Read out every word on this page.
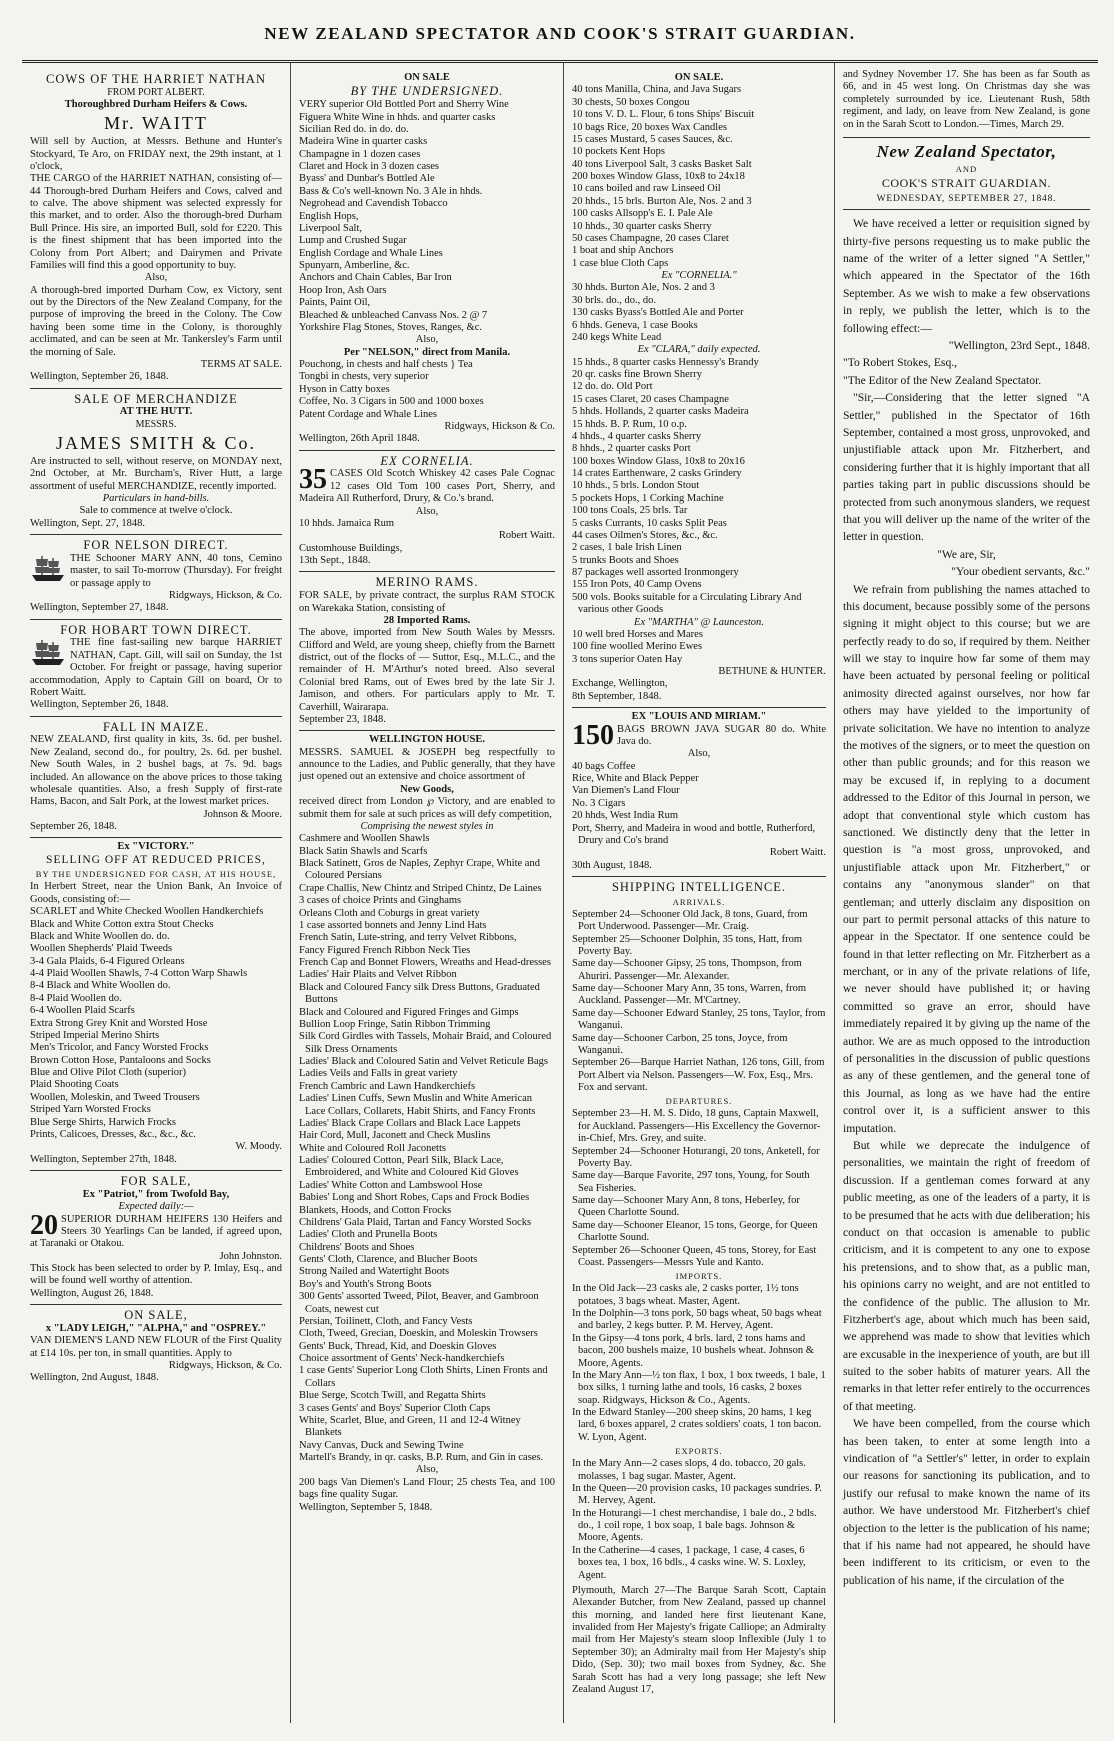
NEW ZEALAND SPECTATOR AND COOK'S STRAIT GUARDIAN.
COWS OF THE HARRIET NATHAN
FROM PORT ALBERT.
Thoroughbred Durham Heifers & Cows.
Mr. WAITT
Will sell by Auction, at Messrs. Bethune and Hunter's Stockyard, Te Aro, on FRIDAY next, the 29th instant, at 1 o'clock,
THE CARGO of the HARRIET NATHAN, consisting of— 44 Thorough-bred Durham Heifers and Cows, calved and to calve. The above shipment was selected expressly for this market, and to order. Also the thorough-bred Durham Bull Prince. His sire, an imported Bull, sold for £220. This is the finest shipment that has been imported into the Colony from Port Albert; and Dairymen and Private Families will find this a good opportunity to buy.
Also,
A thorough-bred imported Durham Cow, ex Victory, sent out by the Directors of the New Zealand Company, for the purpose of improving the breed in the Colony. The Cow having been some time in the Colony, is thoroughly acclimated, and can be seen at Mr. Tankersley's Farm until the morning of Sale.
TERMS AT SALE.
Wellington, September 26, 1848.
SALE OF MERCHANDIZE
AT THE HUTT.
MESSRS.
JAMES SMITH & Co.
Are instructed to sell, without reserve, on MONDAY next, 2nd October, at Mr. Burcham's, River Hutt, a large assortment of useful MERCHANDIZE, recently imported.
Particulars in hand-bills.
Sale to commence at twelve o'clock.
Wellington, Sept. 27, 1848.
FOR NELSON DIRECT.
THE Schooner MARY ANN, 40 tons, Cemino master, to sail To-morrow (Thursday). For freight or passage apply to
Ridgways, Hickson, & Co.
Wellington, September 27, 1848.
FOR HOBART TOWN DIRECT.
THE fine fast-sailing new barque HARRIET NATHAN, Capt. Gill, will sail on Sunday, the 1st October. For freight or passage, having superior accommodation, Apply to Captain Gill on board, Or to Robert Waitt.
Wellington, September 26, 1848.
FALL IN MAIZE.
NEW ZEALAND, first quality in kits, 3s. 6d. per bushel. New Zealand, second do., for poultry, 2s. 6d. per bushel. New South Wales, in 2 bushel bags, at 7s. 9d. bags included. An allowance on the above prices to those taking wholesale quantities. Also, a fresh Supply of first-rate Hams, Bacon, and Salt Pork, at the lowest market prices.
Johnson & Moore.
September 26, 1848.
Ex "VICTORY."
SELLING OFF AT REDUCED PRICES,
BY THE UNDERSIGNED FOR CASH, AT HIS HOUSE,
In Herbert Street, near the Union Bank, An Invoice of Goods, consisting of:—
SCARLET and White Checked Woollen Handkerchiefs
Black and White Cotton extra Stout Checks
Black and White Woollen do. do.
Woollen Shepherds' Plaid Tweeds
3-4 Gala Plaids, 6-4 Figured Orleans
4-4 Plaid Woollen Shawls, 7-4 Cotton Warp Shawls
8-4 Black and White Woollen do.
8-4 Plaid Woollen do.
6-4 Woollen Plaid Scarfs
Extra Strong Grey Knit and Worsted Hose
Striped Imperial Merino Shirts
Men's Tricolor, and Fancy Worsted Frocks
Brown Cotton Hose, Pantaloons and Socks
Blue and Olive Pilot Cloth (superior)
Plaid Shooting Coats
Woollen, Moleskin, and Tweed Trousers
Striped Yarn Worsted Frocks
Blue Serge Shirts, Harwich Frocks
Prints, Calicoes, Dresses, &c., &c., &c.
W. Moody.
Wellington, September 27th, 1848.
FOR SALE,
Ex "Patriot," from Twofold Bay,
Expected daily:—
20 SUPERIOR DURHAM HEIFERS 130 Heifers and Steers 30 Yearlings Can be landed, if agreed upon, at Taranaki or Otakou.
John Johnston.
This Stock has been selected to order by P. Imlay, Esq., and will be found well worthy of attention.
Wellington, August 26, 1848.
ON SALE,
x "LADY LEIGH," "ALPHA," and "OSPREY."
VAN DIEMEN'S LAND NEW FLOUR of the First Quality at £14 10s. per ton, in small quantities. Apply to
Ridgways, Hickson, & Co.
Wellington, 2nd August, 1848.
ON SALE
BY THE UNDERSIGNED.
VERY superior Old Bottled Port and Sherry Wine
Figuera White Wine in hhds. and quarter casks
Sicilian Red do. in do. do.
Madeira Wine in quarter casks
Champagne in 1 dozen cases
Claret and Hock in 3 dozen cases
Byass' and Dunbar's Bottled Ale
Bass & Co's well-known No. 3 Ale in hhds.
Negrohead and Cavendish Tobacco
English Hops,
Liverpool Salt,
Lump and Crushed Sugar
English Cordage and Whale Lines
Spunyarn, Amberline, &c.
Anchors and Chain Cables, Bar Iron
Hoop Iron, Ash Oars
Paints, Paint Oil,
Bleached & unbleached Canvass Nos. 2 @ 7
Yorkshire Flag Stones, Stoves, Ranges, &c.
Also,
Per "NELSON," direct from Manila.
Pouchong, in chests and half chests } Tea
Tongbi in chests, very superior
Hyson in Catty boxes
Coffee, No. 3 Cigars in 500 and 1000 boxes
Patent Cordage and Whale Lines
Ridgways, Hickson & Co.
Wellington, 26th April 1848.
EX CORNELIA.
35 CASES Old Scotch Whiskey 42 cases Pale Cognac 12 cases Old Tom 100 cases Port, Sherry, and Madeira All Rutherford, Drury, & Co.'s brand.
Also,
10 hhds. Jamaica Rum
Robert Waitt.
Customhouse Buildings,
13th Sept., 1848.
MERINO RAMS.
FOR SALE, by private contract, the surplus RAM STOCK on Warekaka Station, consisting of
28 Imported Rams.
The above, imported from New South Wales by Messrs. Clifford and Weld, are young sheep, chiefly from the Barnett district, out of the flocks of — Suttor, Esq., M.L.C., and the remainder of H. M'Arthur's noted breed. Also several Colonial bred Rams, out of Ewes bred by the late Sir J. Jamison, and others. For particulars apply to Mr. T. Caverhill, Wairarapa.
September 23, 1848.
WELLINGTON HOUSE.
MESSRS. SAMUEL & JOSEPH beg respectfully to announce to the Ladies, and Public generally, that they have just opened out an extensive and choice assortment of
New Goods,
received direct from London ℘ Victory, and are enabled to submit them for sale at such prices as will defy competition,
Comprising the newest styles in
Cashmere and Woollen Shawls
Black Satin Shawls and Scarfs
Black Satinett, Gros de Naples, Zephyr Crape, White and Coloured Persians
Crape Challis, New Chintz and Striped Chintz, De Laines
3 cases of choice Prints and Ginghams
Orleans Cloth and Coburgs in great variety
1 case assorted bonnets and Jenny Lind Hats
French Satin, Lute-string, and terry Velvet Ribbons,
Fancy Figured French Ribbon Neck Ties
French Cap and Bonnet Flowers, Wreaths and Head-dresses
Ladies' Hair Plaits and Velvet Ribbon
Black and Coloured Fancy silk Dress Buttons, Graduated Buttons
Black and Coloured and Figured Fringes and Gimps
Bullion Loop Fringe, Satin Ribbon Trimming
Silk Cord Girdles with Tassels, Mohair Braid, and Coloured Silk Dress Ornaments
Ladies' Black and Coloured Satin and Velvet Reticule Bags
Ladies Veils and Falls in great variety
French Cambric and Lawn Handkerchiefs
Ladies' Linen Cuffs, Sewn Muslin and White American Lace Collars, Collarets, Habit Shirts, and Fancy Fronts
Ladies' Black Crape Collars and Black Lace Lappets
Hair Cord, Mull, Jaconett and Check Muslins
White and Coloured Roll Jaconetts
Ladies' Coloured Cotton, Pearl Silk, Black Lace, Embroidered, and White and Coloured Kid Gloves
Ladies' White Cotton and Lambswool Hose
Babies' Long and Short Robes, Caps and Frock Bodies
Blankets, Hoods, and Cotton Frocks
Childrens' Gala Plaid, Tartan and Fancy Worsted Socks
Ladies' Cloth and Prunella Boots
Childrens' Boots and Shoes
Gents' Cloth, Clarence, and Blucher Boots
Strong Nailed and Watertight Boots
Boy's and Youth's Strong Boots
300 Gents' assorted Tweed, Pilot, Beaver, and Gambroon Coats, newest cut
Persian, Toilinett, Cloth, and Fancy Vests
Cloth, Tweed, Grecian, Doeskin, and Moleskin Trowsers
Gents' Buck, Thread, Kid, and Doeskin Gloves
Choice assortment of Gents' Neck-handkerchiefs
1 case Gents' Superior Long Cloth Shirts, Linen Fronts and Collars
Blue Serge, Scotch Twill, and Regatta Shirts
3 cases Gents' and Boys' Superior Cloth Caps
White, Scarlet, Blue, and Green, 11 and 12-4 Witney Blankets
Navy Canvas, Duck and Sewing Twine
Martell's Brandy, in qr. casks, B.P. Rum, and Gin in cases.
Also,
200 bags Van Diemen's Land Flour; 25 chests Tea, and 100 bags fine quality Sugar.
Wellington, September 5, 1848.
ON SALE.
40 tons Manilla, China, and Java Sugars
30 chests, 50 boxes Congou
10 tons V. D. L. Flour, 6 tons Ships' Biscuit
10 bags Rice, 20 boxes Wax Candles
15 cases Mustard, 5 cases Sauces, &c.
10 pockets Kent Hops
40 tons Liverpool Salt, 3 casks Basket Salt
200 boxes Window Glass, 10x8 to 24x18
10 cans boiled and raw Linseed Oil
20 hhds., 15 brls. Burton Ale, Nos. 2 and 3
100 casks Allsopp's E. I. Pale Ale
10 hhds., 30 quarter casks Sherry
50 cases Champagne, 20 cases Claret
1 boat and ship Anchors
1 case blue Cloth Caps
Ex "CORNELIA."
30 hhds. Burton Ale, Nos. 2 and 3
30 brls. do., do., do.
130 casks Byass's Bottled Ale and Porter
6 hhds. Geneva, 1 case Books
240 kegs White Lead
Ex "CLARA," daily expected.
15 hhds., 8 quarter casks Hennessy's Brandy
20 qr. casks fine Brown Sherry
12 do. do. Old Port
15 cases Claret, 20 cases Champagne
5 hhds. Hollands, 2 quarter casks Madeira
15 hhds. B. P. Rum, 10 o.p.
4 hhds., 4 quarter casks Sherry
8 hhds., 2 quarter casks Port
100 boxes Window Glass, 10x8 to 20x16
14 crates Earthenware, 2 casks Grindery
10 hhds., 5 brls. London Stout
5 pockets Hops, 1 Corking Machine
100 tons Coals, 25 brls. Tar
5 casks Currants, 10 casks Split Peas
44 cases Oilmen's Stores, &c., &c.
2 cases, 1 bale Irish Linen
5 trunks Boots and Shoes
87 packages well assorted Ironmongery
155 Iron Pots, 40 Camp Ovens
500 vols. Books suitable for a Circulating Library And various other Goods
Ex "MARTHA" @ Launceston.
10 well bred Horses and Mares
100 fine woolled Merino Ewes
3 tons superior Oaten Hay
BETHUNE & HUNTER.
Exchange, Wellington,
8th September, 1848.
EX "LOUIS AND MIRIAM."
150 BAGS BROWN JAVA SUGAR 80 do. White Java do.
Also,
40 bags Coffee
Rice, White and Black Pepper
Van Diemen's Land Flour
No. 3 Cigars
20 hhds, West India Rum
Port, Sherry, and Madeira in wood and bottle, Rutherford, Drury and Co's brand
Robert Waitt.
30th August, 1848.
SHIPPING INTELLIGENCE.
ARRIVALS.
September 24—Schooner Old Jack, 8 tons, Guard, from Port Underwood. Passenger—Mr. Craig.
September 25—Schooner Dolphin, 35 tons, Hatt, from Poverty Bay.
Same day—Schooner Gipsy, 25 tons, Thompson, from Ahuriri. Passenger—Mr. Alexander.
Same day—Schooner Mary Ann, 35 tons, Warren, from Auckland. Passenger—Mr. M'Cartney.
Same day—Schooner Edward Stanley, 25 tons, Taylor, from Wanganui.
Same day—Schooner Carbon, 25 tons, Joyce, from Wanganui.
September 26—Barque Harriet Nathan, 126 tons, Gill, from Port Albert via Nelson. Passengers—W. Fox, Esq., Mrs. Fox and servant.
DEPARTURES.
September 23—H. M. S. Dido, 18 guns, Captain Maxwell, for Auckland. Passengers—His Excellency the Governor-in-Chief, Mrs. Grey, and suite.
September 24—Schooner Hoturangi, 20 tons, Anketell, for Poverty Bay.
Same day—Barque Favorite, 297 tons, Young, for South Sea Fisheries.
Same day—Schooner Mary Ann, 8 tons, Heberley, for Queen Charlotte Sound.
Same day—Schooner Eleanor, 15 tons, George, for Queen Charlotte Sound.
September 26—Schooner Queen, 45 tons, Storey, for East Coast. Passengers—Messrs Yule and Kanto.
IMPORTS.
In the Old Jack—23 casks ale, 2 casks porter, 1½ tons potatoes, 3 bags wheat. Master, Agent.
In the Dolphin—3 tons pork, 50 bags wheat, 50 bags wheat and barley, 2 kegs butter. P. M. Hervey, Agent.
In the Gipsy—4 tons pork, 4 brls. lard, 2 tons hams and bacon, 200 bushels maize, 10 bushels wheat. Johnson & Moore, Agents.
In the Mary Ann—½ ton flax, 1 box, 1 box tweeds, 1 bale, 1 box silks, 1 turning lathe and tools, 16 casks, 2 boxes soap. Ridgways, Hickson & Co., Agents.
In the Edward Stanley—200 sheep skins, 20 hams, 1 keg lard, 6 boxes apparel, 2 crates soldiers' coats, 1 ton bacon. W. Lyon, Agent.
EXPORTS.
In the Mary Ann—2 cases slops, 4 do. tobacco, 20 gals. molasses, 1 bag sugar. Master, Agent.
In the Queen—20 provision casks, 10 packages sundries. P. M. Hervey, Agent.
In the Hoturangi—1 chest merchandise, 1 bale do., 2 bdls. do., 1 coil rope, 1 box soap, 1 bale bags. Johnson & Moore, Agents.
In the Catherine—4 cases, 1 package, 1 case, 4 cases, 6 boxes tea, 1 box, 16 bdls., 4 casks wine. W. S. Loxley, Agent.
Plymouth, March 27—The Barque Sarah Scott, Captain Alexander Butcher, from New Zealand, passed up channel this morning, and landed here first lieutenant Kane, invalided from Her Majesty's frigate Calliope; an Admiralty mail from Her Majesty's steam sloop Inflexible (July 1 to September 30); an Admiralty mail from Her Majesty's ship Dido, (Sep. 30); two mail boxes from Sydney, &c. She Sarah Scott has had a very long passage; she left New Zealand August 17,
and Sydney November 17. She has been as far South as 66, and in 45 west long. On Christmas day she was completely surrounded by ice. Lieutenant Rush, 58th regiment, and lady, on leave from New Zealand, is gone on in the Sarah Scott to London.—Times, March 29.
New Zealand Spectator,
AND
COOK'S STRAIT GUARDIAN.
WEDNESDAY, SEPTEMBER 27, 1848.
We have received a letter or requisition signed by thirty-five persons requesting us to make public the name of the writer of a letter signed "A Settler," which appeared in the Spectator of the 16th September. As we wish to make a few observations in reply, we publish the letter, which is to the following effect:—
"Wellington, 23rd Sept., 1848.
"To Robert Stokes, Esq.,
"The Editor of the New Zealand Spectator.
"Sir,—Considering that the letter signed "A Settler," published in the Spectator of 16th September, contained a most gross, unprovoked, and unjustifiable attack upon Mr. Fitzherbert, and considering further that it is highly important that all parties taking part in public discussions should be protected from such anonymous slanders, we request that you will deliver up the name of the writer of the letter in question.
"We are, Sir,
"Your obedient servants, &c."
We refrain from publishing the names attached to this document, because possibly some of the persons signing it might object to this course; but we are perfectly ready to do so, if required by them. Neither will we stay to inquire how far some of them may have been actuated by personal feeling or political animosity directed against ourselves, nor how far others may have yielded to the importunity of private solicitation. We have no intention to analyze the motives of the signers, or to meet the question on other than public grounds; and for this reason we may be excused if, in replying to a document addressed to the Editor of this Journal in person, we adopt that conventional style which custom has sanctioned. We distinctly deny that the letter in question is "a most gross, unprovoked, and unjustifiable attack upon Mr. Fitzherbert," or contains any "anonymous slander" on that gentleman; and utterly disclaim any disposition on our part to permit personal attacks of this nature to appear in the Spectator. If one sentence could be found in that letter reflecting on Mr. Fitzherbert as a merchant, or in any of the private relations of life, we never should have published it; or having committed so grave an error, should have immediately repaired it by giving up the name of the author. We are as much opposed to the introduction of personalities in the discussion of public questions as any of these gentlemen, and the general tone of this Journal, as long as we have had the entire control over it, is a sufficient answer to this imputation.
But while we deprecate the indulgence of personalities, we maintain the right of freedom of discussion. If a gentleman comes forward at any public meeting, as one of the leaders of a party, it is to be presumed that he acts with due deliberation; his conduct on that occasion is amenable to public criticism, and it is competent to any one to expose his pretensions, and to show that, as a public man, his opinions carry no weight, and are not entitled to the confidence of the public. The allusion to Mr. Fitzherbert's age, about which much has been said, we apprehend was made to show that levities which are excusable in the inexperience of youth, are but ill suited to the sober habits of maturer years. All the remarks in that letter refer entirely to the occurrences of that meeting.
We have been compelled, from the course which has been taken, to enter at some length into a vindication of "a Settler's" letter, in order to explain our reasons for sanctioning its publication, and to justify our refusal to make known the name of its author. We have understood Mr. Fitzherbert's chief objection to the letter is the publication of his name; that if his name had not appeared, he should have been indifferent to its criticism, or even to the publication of his name, if the circulation of the
